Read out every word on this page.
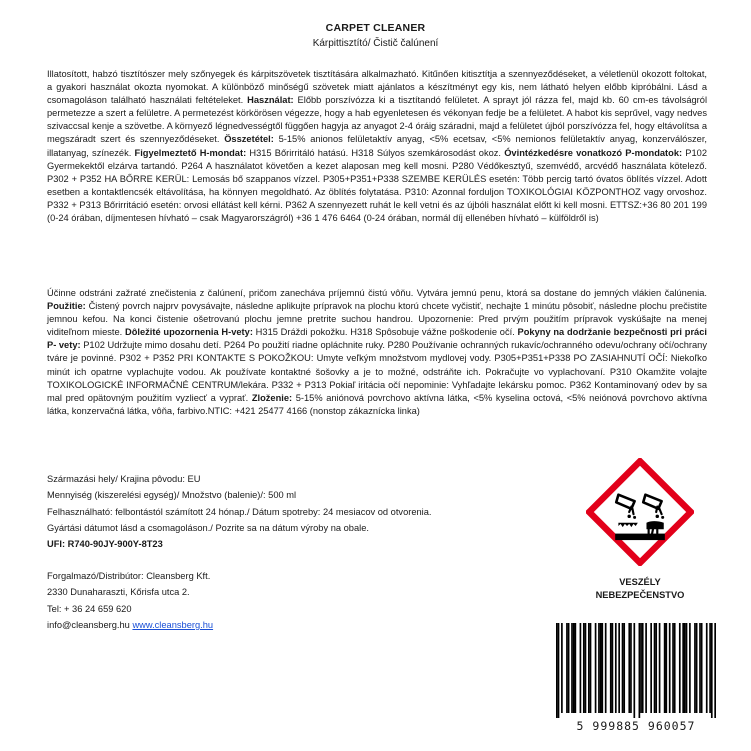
CARPET CLEANER
Kárpittisztító/ Čistič čalúnení
Illatosított, habzó tisztítószer mely szőnyegek és kárpitszövetek tisztítására alkalmazható. Kitűnően kitisztítja a szennyeződéseket, a véletlenül okozott foltokat, a gyakori használat okozta nyomokat. A különböző minőségű szövetek miatt ajánlatos a készítményt egy kis, nem látható helyen előbb kipróbálni. Lásd a csomagoláson található használati feltételeket. Használat: Előbb porszívózza ki a tisztítandó felületet. A sprayt jól rázza fel, majd kb. 60 cm-es távolságról permetezze a szert a felületre. A permetezést körkörösen végezze, hogy a hab egyenletesen és vékonyan fedje be a felületet. A habot kis seprűvel, vagy nedves szivaccsal kenje a szövetbe. A környező légnedvességtől függően hagyja az anyagot 2-4 óráig száradni, majd a felületet újból porszívózza fel, hogy eltávolítsa a megszáradt szert és szennyeződéseket. Összetétel: 5-15% anionos felületaktív anyag, <5% ecetsav, <5% nemionos felületaktív anyag, konzerválószer, illatanyag, színezék. Figyelmeztető H-mondat: H315 Bőrirritáló hatású. H318 Súlyos szemkárosodást okoz. Óvintézkedésre vonatkozó P-mondatok: P102 Gyermekektől elzárva tartandó. P264 A használatot követően a kezet alaposan meg kell mosni. P280 Védőkesztyű, szemvédő, arcvédő használata kötelező. P302 + P352 HA BŐRRE KERÜL: Lemosás bő szappanos vízzel. P305+P351+P338 SZEMBE KERÜLÉS esetén: Több percig tartó óvatos öblítés vízzel. Adott esetben a kontaktlencsék eltávolítása, ha könnyen megoldható. Az öblítés folytatása. P310: Azonnal forduljon TOXIKOLÓGIAI KÖZPONTHOZ vagy orvoshoz. P332 + P313 Bőrirritáció esetén: orvosi ellátást kell kérni. P362 A szennyezett ruhát le kell vetni és az újbóli használat előtt ki kell mosni. ETTSZ:+36 80 201 199 (0-24 órában, díjmentesen hívható – csak Magyarországról) +36 1 476 6464 (0-24 órában, normál díj ellenében hívható – külföldről is)
Účinne odstráni zažraté znečistenia z čalúnení, pričom zanecháva príjemnú čistú vôňu. Vytvára jemnú penu, ktorá sa dostane do jemných vlákien čalúnenia. Použitie: Čistený povrch najprv povysávajte, následne aplikujte prípravok na plochu ktorú chcete vyčistiť, nechajte 1 minútu pôsobiť, následne plochu prečistite jemnou kefou. Na konci čistenie ošetrovanú plochu jemne pretrite suchou handrou. Upozornenie: Pred prvým použitím prípravok vyskúšajte na menej viditeľnom mieste. Dôležité upozornenia H-vety: H315 Dráždi pokožku. H318 Spôsobuje vážne poškodenie očí. Pokyny na dodržanie bezpečnosti pri práci P- vety: P102 Udržujte mimo dosahu detí. P264 Po použití riadne opláchnite ruky. P280 Používanie ochranných rukavíc/ochranného odevu/ochrany očí/ochrany tváre je povinné. P302 + P352 PRI KONTAKTE S POKOŽKOU: Umyte veľkým množstvom mydlovej vody. P305+P351+P338 PO ZASIAHNUTÍ OČÍ: Niekoľko minút ich opatrne vyplachujte vodou. Ak používate kontaktné šošovky a je to možné, odstráňte ich. Pokračujte vo vyplachovaní. P310 Okamžite volajte TOXIKOLOGICKÉ INFORMAČNÉ CENTRUM/lekára. P332 + P313 Pokiaľ iritácia očí nepominie: Vyhľadajte lekársku pomoc. P362 Kontaminovaný odev by sa mal pred opätovným použitím vyzliecť a vyprať. Zloženie: 5-15% aniónová povrchovo aktívna látka, <5% kyselina octová, <5% neiónová povrchovo aktívna látka, konzervačná látka, vôňa, farbivo.NTIC: +421 25477 4166 (nonstop zákaznícka linka)
Származási hely/ Krajina pôvodu: EU
Mennyiség (kiszerelési egység)/ Množstvo (balenie)/: 500 ml
Felhasználható: felbontástól számított 24 hónap./ Dátum spotreby: 24 mesiacov od otvorenia.
Gyártási dátumot lásd a csomagoláson./ Pozrite sa na dátum výroby na obale.
UFI: R740-90JY-900Y-8T23
Forgalmazó/Distribútor: Cleansberg Kft.
2330 Dunaharaszti, Kőrisfa utca 2.
Tel: + 36 24 659 620
info@cleansberg.hu www.cleansberg.hu
VESZÉLY
NEBEZPEČENSTVO
5 999885 960057
